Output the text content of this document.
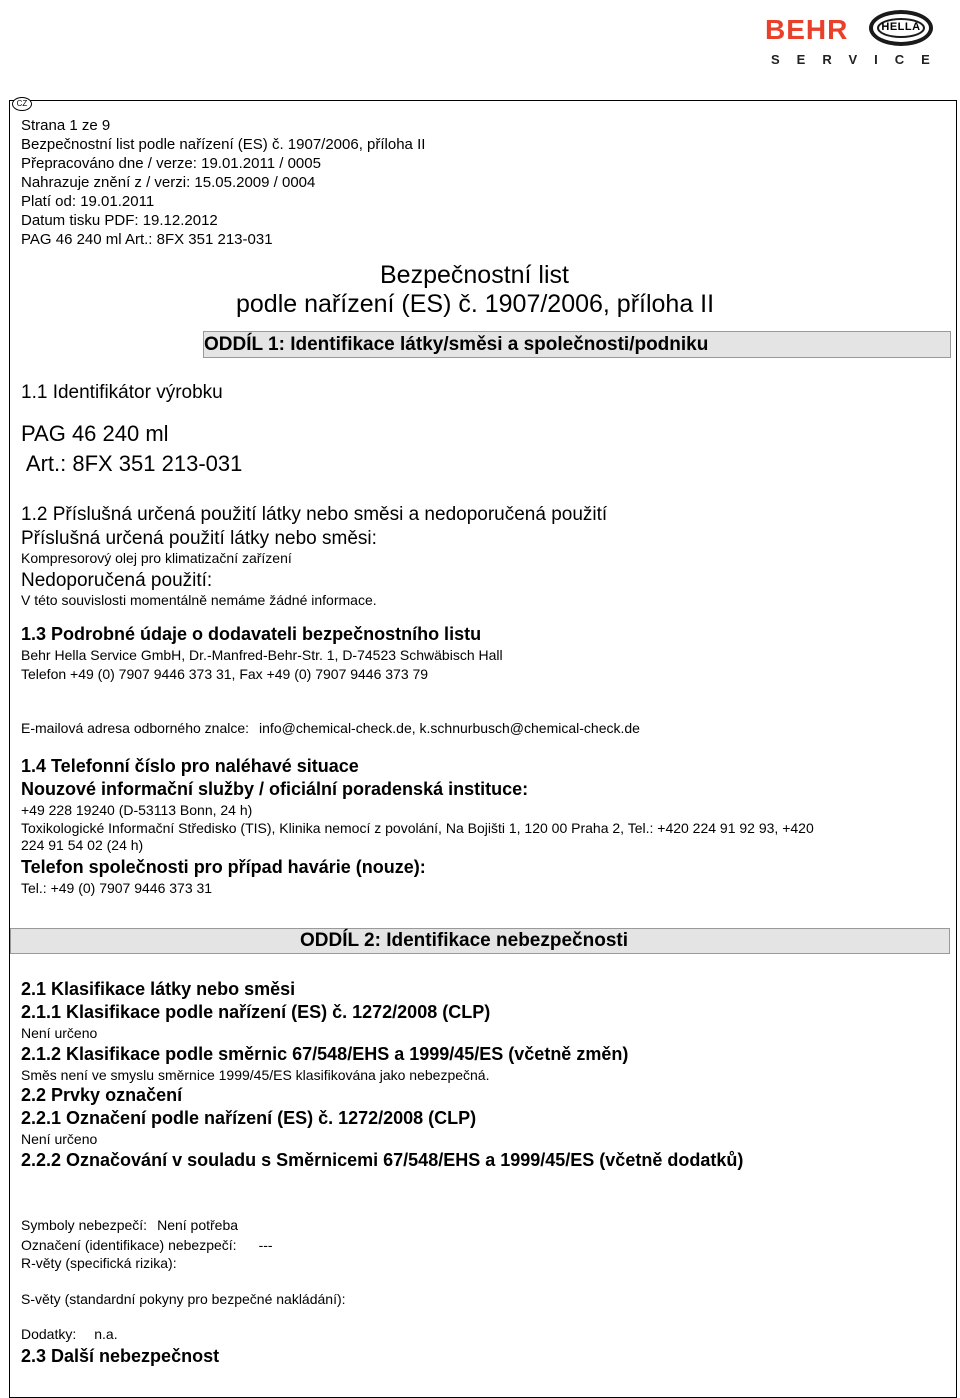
BEHR	HELLA
SERVICE
CZ
Strana 1 ze 9
Bezpečnostní list podle nařízení (ES) č. 1907/2006, příloha II
Přepracováno dne / verze: 19.01.2011 / 0005
Nahrazuje znění z / verzi: 15.05.2009 / 0004
Platí od: 19.01.2011
Datum tisku PDF: 19.12.2012
PAG 46 240 ml Art.: 8FX 351 213-031
Bezpečnostní list
podle nařízení (ES) č. 1907/2006, příloha II
ODDÍL 1: Identifikace látky/směsi a společnosti/podniku
1.1 Identifikátor výrobku
PAG 46 240 ml
Art.: 8FX 351 213-031
1.2 Příslušná určená použití látky nebo směsi a nedoporučená použití
Příslušná určená použití látky nebo směsi:
Kompresorový olej pro klimatizační zařízení
Nedoporučená použití:
V této souvislosti momentálně nemáme žádné informace.
1.3 Podrobné údaje o dodavateli bezpečnostního listu
Behr Hella Service GmbH, Dr.-Manfred-Behr-Str. 1, D-74523 Schwäbisch Hall
Telefon +49 (0) 7907 9446 373 31, Fax +49 (0) 7907 9446 373 79
E-mailová adresa odborného znalce: info@chemical-check.de, k.schnurbusch@chemical-check.de
1.4 Telefonní číslo pro naléhavé situace
Nouzové informační služby / oficiální poradenská instituce:
+49 228 19240 (D-53113 Bonn, 24 h)
Toxikologické Informační Středisko (TIS), Klinika nemocí z povolání, Na Bojišti 1, 120 00 Praha 2, Tel.: +420 224 91 92 93, +420
224 91 54 02 (24 h)
Telefon společnosti pro případ havárie (nouze):
Tel.: +49 (0) 7907 9446 373 31
ODDÍL 2: Identifikace nebezpečnosti
2.1 Klasifikace látky nebo směsi
2.1.1 Klasifikace podle nařízení (ES) č. 1272/2008 (CLP)
Není určeno
2.1.2 Klasifikace podle směrnic 67/548/EHS a 1999/45/ES (včetně změn)
Směs není ve smyslu směrnice 1999/45/ES klasifikována jako nebezpečná.
2.2 Prvky označení
2.2.1 Označení podle nařízení (ES) č. 1272/2008 (CLP)
Není určeno
2.2.2 Označování v souladu s Směrnicemi 67/548/EHS a 1999/45/ES (včetně dodatků)
Symboly nebezpečí: Není potřeba
Označení (identifikace) nebezpečí: ---
R-věty (specifická rizika):
S-věty (standardní pokyny pro bezpečné nakládání):
Dodatky: n.a.
2.3 Další nebezpečnost
